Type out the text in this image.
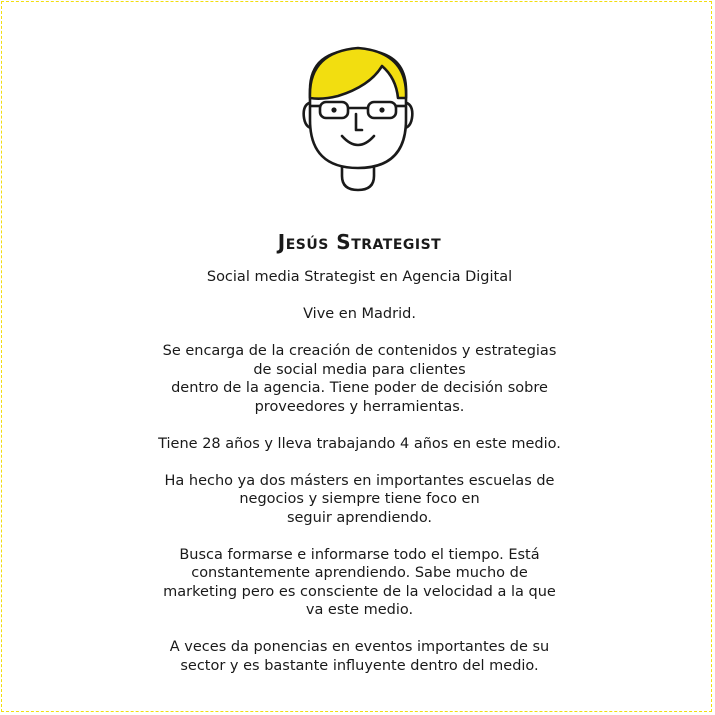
Jesús Strategist

Social media Strategist en Agencia Digital

Vive en Madrid.

Se encarga de la creación de contenidos y estrategias
de social media para clientes
dentro de la agencia. Tiene poder de decisión sobre
proveedores y herramientas.

Tiene 28 años y lleva trabajando 4 años en este medio.

Ha hecho ya dos másters en importantes escuelas de
negocios y siempre tiene foco en
seguir aprendiendo.

Busca formarse e informarse todo el tiempo. Está
constantemente aprendiendo. Sabe mucho de
marketing pero es consciente de la velocidad a la que
va este medio.

A veces da ponencias en eventos importantes de su
sector y es bastante influyente dentro del medio.
